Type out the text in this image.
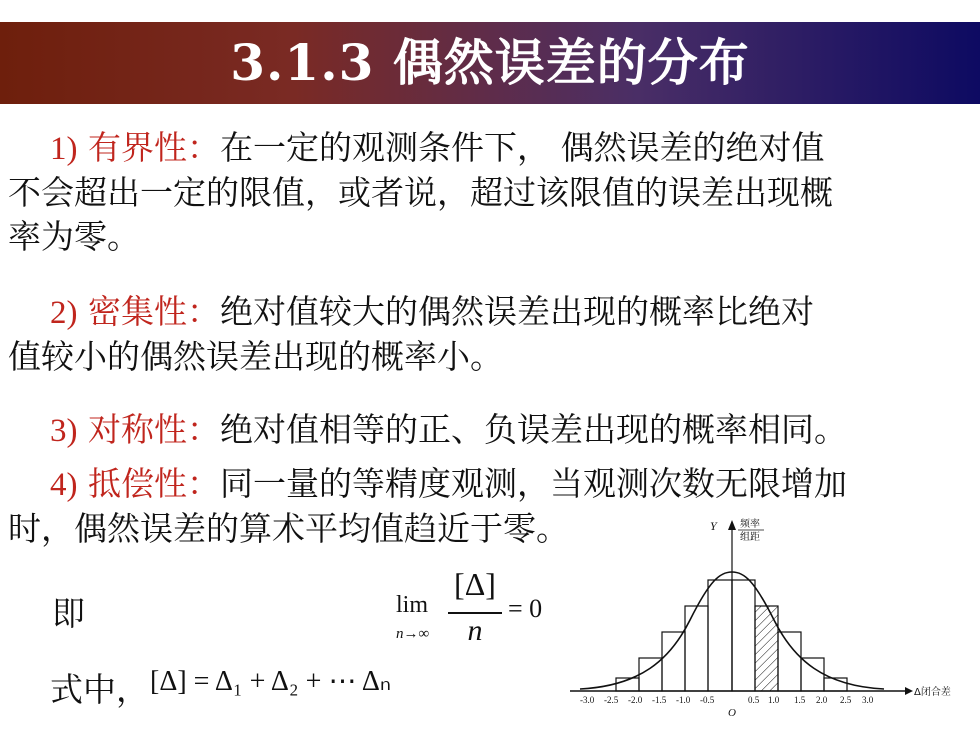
3.1.3 偶然误差的分布
1) 有界性：在一定的观测条件下， 偶然误差的绝对值
不会超出一定的限值，或者说，超过该限值的误差出现概
率为零。
2) 密集性：绝对值较大的偶然误差出现的概率比绝对
值较小的偶然误差出现的概率小。
3) 对称性：绝对值相等的正、负误差出现的概率相同。
4) 抵偿性：同一量的等精度观测，当观测次数无限增加
时，偶然误差的算术平均值趋近于零。
即	lim
n→∞
[Δ]
n
= 0
式中， [Δ] = Δ₁ + Δ₂ + ⋯ Δₙ
Y 频率
组距
-3.0 -2.5 -2.0 -1.5 -1.0 -0.5	0.5 1.0 1.5 2.0 2.5 3.0
O
Δ闭合差
